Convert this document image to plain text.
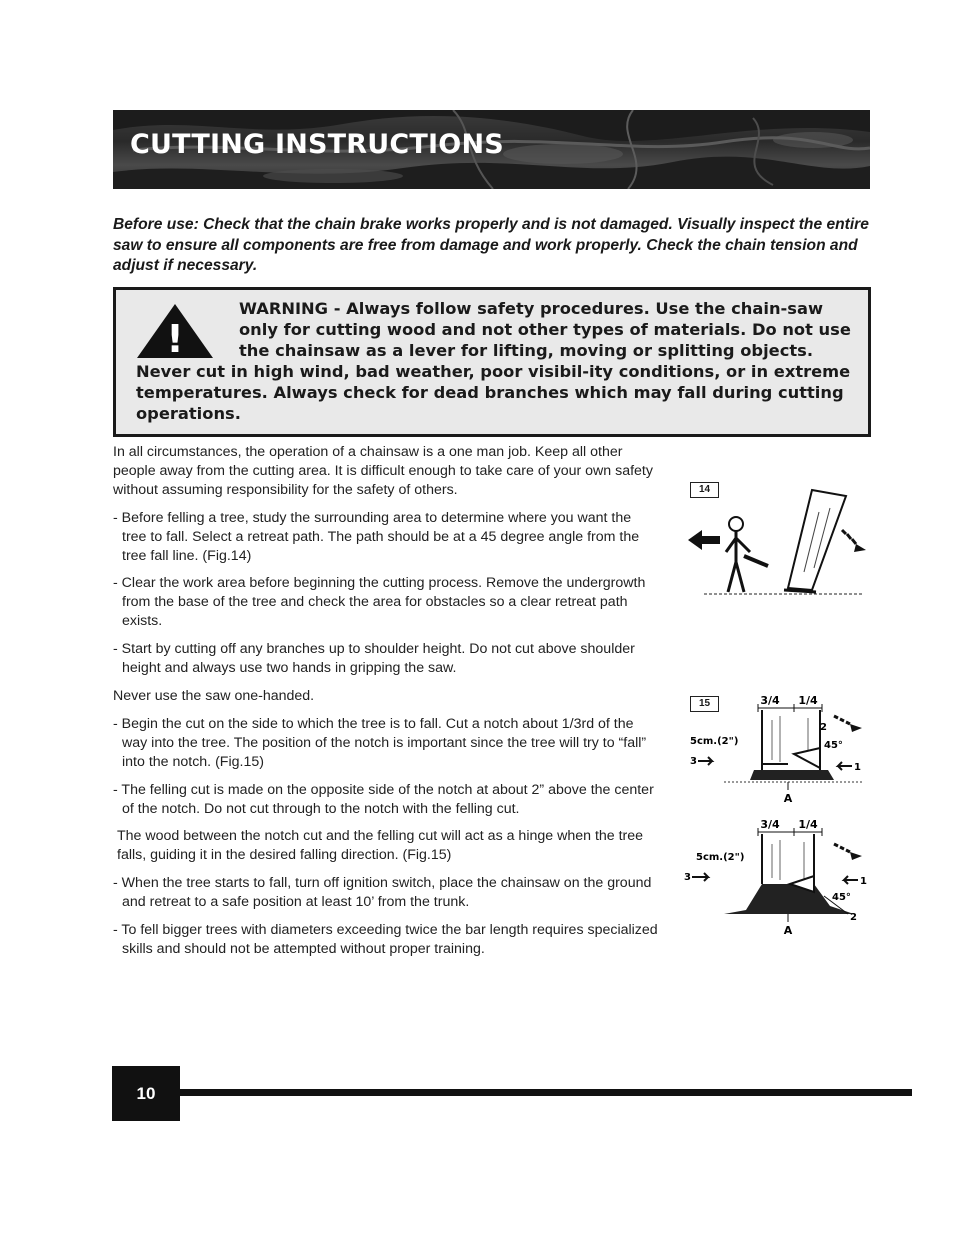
CUTTING INSTRUCTIONS

Before use: Check that the chain brake works properly and is not damaged. Visually inspect the entire saw to ensure all components are free from damage and work properly. Check the chain tension and adjust if necessary.

!

WARNING - Always follow safety procedures. Use the chain-saw only for cutting wood and not other types of materials. Do not use the chainsaw as a lever for lifting, moving or splitting objects. Never cut in high wind, bad weather, poor visibil-ity conditions, or in extreme temperatures. Always check for dead branches which may fall during cutting operations.

In all circumstances, the operation of a chainsaw is a one man job. Keep all other people away from the cutting area. It is difficult enough to take care of your own safety without assuming responsibility for the safety of others.

- Before felling a tree, study the surrounding area to determine where you want the tree to fall. Select a retreat path. The path should be at a 45 degree angle from the tree fall line. (Fig.14)

- Clear the work area before beginning the cutting process. Remove the undergrowth from the base of the tree and check the area for obstacles so a clear retreat path exists.

- Start by cutting off any branches up to shoulder height. Do not cut above shoulder height and always use two hands in gripping the saw.

Never use the saw one-handed.

- Begin the cut on the side to which the tree is to fall. Cut a notch about 1/3rd of the way into the tree. The position of the notch is important since the tree will try to “fall” into the notch. (Fig.15)

- The felling cut is made on the opposite side of the notch at about 2” above the center of the notch. Do not cut through to the notch with the felling cut.

The wood between the notch cut and the felling cut will act as a hinge when the tree falls, guiding it in the desired falling direction. (Fig.15)

- When the tree starts to fall, turn off ignition switch, place the chainsaw on the ground and retreat to a safe position at least 10’ from the trunk.

- To fell bigger trees with diameters exceeding twice the bar length requires specialized skills and should not be attempted without proper training.

14
15	3/4 1/4
5cm.(2")
3
45°
2
1
A
3/4 1/4
5cm.(2")
3
45°
1
2
A
10
